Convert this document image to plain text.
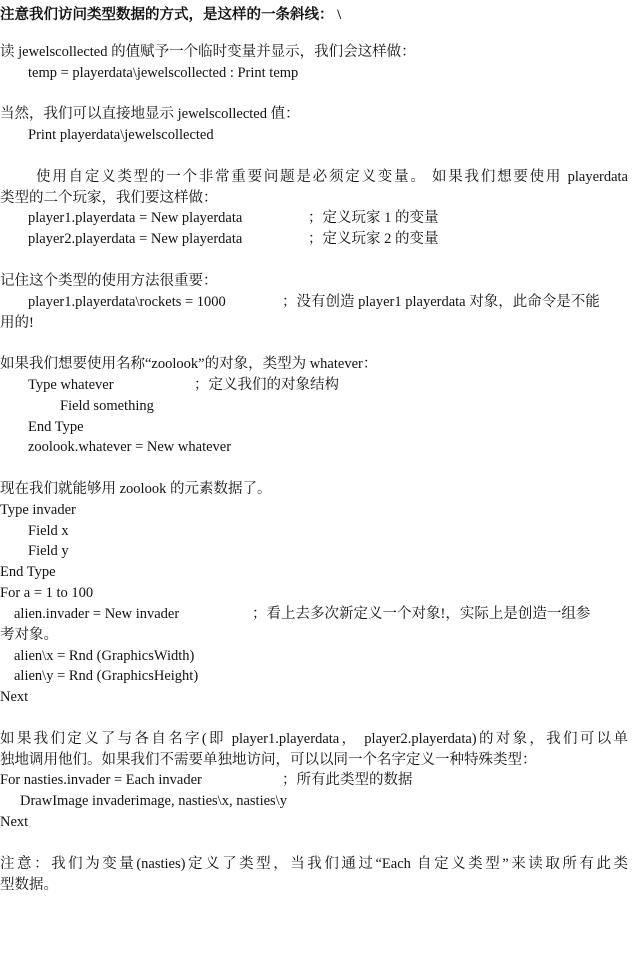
注意我们访问类型数据的方式，是这样的一条斜线： \
读 jewelscollected 的值赋予一个临时变量并显示，我们会这样做：
temp = playerdata\jewelscollected : Print temp
当然，我们可以直接地显示 jewelscollected 值：
Print playerdata\jewelscollected
使用自定义类型的一个非常重要问题是必须定义变量。 如果我们想要使用 playerdata
类型的二个玩家，我们要这样做：
player1.playerdata = New playerdata	；定义玩家 1 的变量
player2.playerdata = New playerdata	；定义玩家 2 的变量
记住这个类型的使用方法很重要：
player1.playerdata\rockets = 1000	；没有创造 player1 playerdata 对象，此命令是不能
用的!
如果我们想要使用名称“zoolook”的对象，类型为 whatever：
Type whatever	；定义我们的对象结构
Field something
End Type
zoolook.whatever = New whatever
现在我们就能够用 zoolook 的元素数据了。
Type invader
Field x
Field y
End Type
For a = 1 to 100
alien.invader = New invader	；看上去多次新定义一个对象!，实际上是创造一组参
考对象。
alien\x = Rnd (GraphicsWidth)
alien\y = Rnd (GraphicsHeight)
Next
如果我们定义了与各自名字(即 player1.playerdata， player2.playerdata)的对象，我们可以单
独地调用他们。如果我们不需要单独地访问，可以以同一个名字定义一种特殊类型：
For nasties.invader = Each invader	；所有此类型的数据
DrawImage invaderimage, nasties\x, nasties\y
Next
注意：我们为变量(nasties)定义了类型，当我们通过“Each 自定义类型”来读取所有此类
型数据。
